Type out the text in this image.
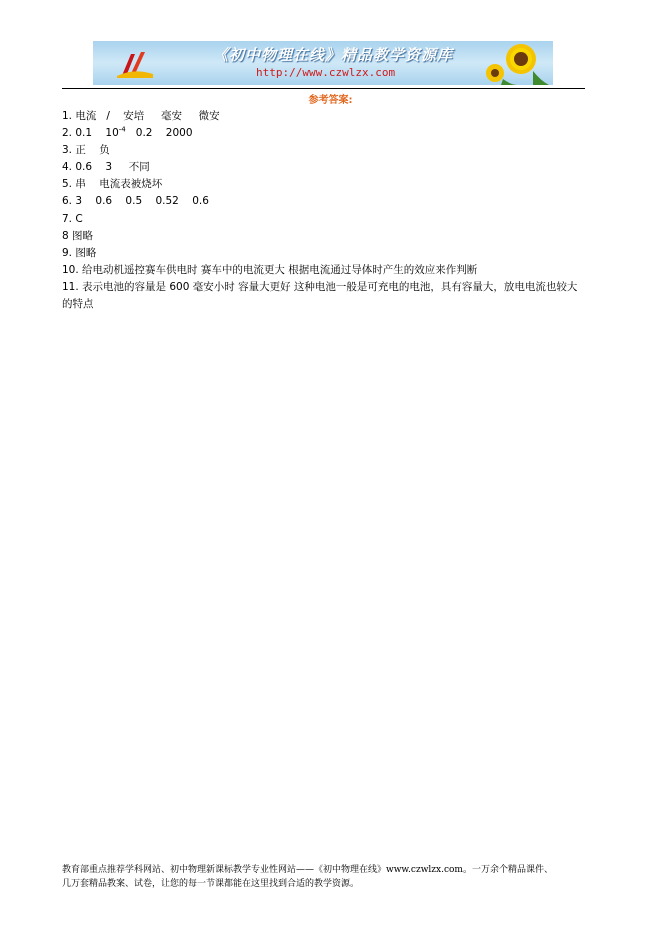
《初中物理在线》精品教学资源库
http://www.czwlzx.com
参考答案:
1. 电流   /    安培     毫安     微安
2. 0.1    $10^{-4}$   0.2    2000
3. 正    负
4. 0.6    3     不同
5. 串    电流表被烧坏
6. 3    0.6    0.5    0.52    0.6
7. C
8 图略
9. 图略
10. 给电动机遥控赛车供电时 赛车中的电流更大 根据电流通过导体时产生的效应来作判断
11. 表示电池的容量是 600 毫安小时 容量大更好 这种电池一般是可充电的电池，具有容量大，放电电流也较大的特点
教育部重点推荐学科网站、初中物理新课标教学专业性网站——《初中物理在线》www.czwlzx.com。一万余个精品课件、
几万套精品教案、试卷，让您的每一节课都能在这里找到合适的教学资源。
